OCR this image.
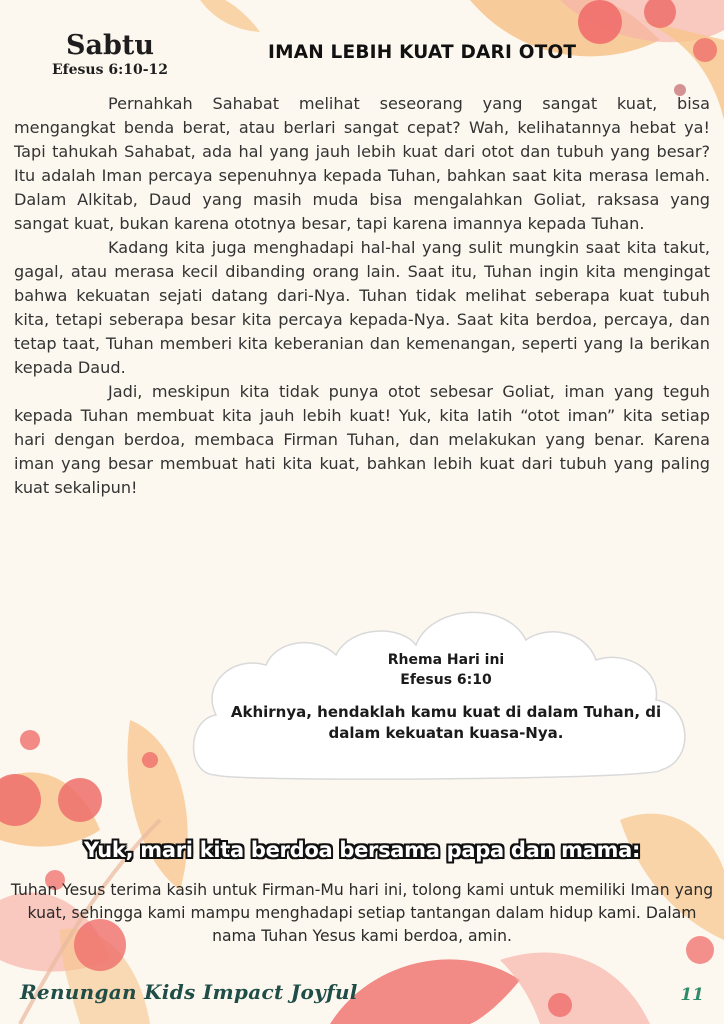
Sabtu
Efesus 6:10-12
IMAN LEBIH KUAT DARI OTOT

Pernahkah Sahabat melihat seseorang yang sangat kuat, bisa mengangkat benda berat, atau berlari sangat cepat? Wah, kelihatannya hebat ya! Tapi tahukah Sahabat, ada hal yang jauh lebih kuat dari otot dan tubuh yang besar? Itu adalah Iman percaya sepenuhnya kepada Tuhan, bahkan saat kita merasa lemah. Dalam Alkitab, Daud yang masih muda bisa mengalahkan Goliat, raksasa yang sangat kuat, bukan karena ototnya besar, tapi karena imannya kepada Tuhan.

Kadang kita juga menghadapi hal-hal yang sulit mungkin saat kita takut, gagal, atau merasa kecil dibanding orang lain. Saat itu, Tuhan ingin kita mengingat bahwa kekuatan sejati datang dari-Nya. Tuhan tidak melihat seberapa kuat tubuh kita, tetapi seberapa besar kita percaya kepada-Nya. Saat kita berdoa, percaya, dan tetap taat, Tuhan memberi kita keberanian dan kemenangan, seperti yang Ia berikan kepada Daud.

Jadi, meskipun kita tidak punya otot sebesar Goliat, iman yang teguh kepada Tuhan membuat kita jauh lebih kuat! Yuk, kita latih “otot iman” kita setiap hari dengan berdoa, membaca Firman Tuhan, dan melakukan yang benar. Karena iman yang besar membuat hati kita kuat, bahkan lebih kuat dari tubuh yang paling kuat sekalipun!

Rhema Hari ini
Efesus 6:10
Akhirnya, hendaklah kamu kuat di dalam Tuhan, di dalam kekuatan kuasa-Nya.
Yuk, mari kita berdoa bersama papa dan mama:
Tuhan Yesus terima kasih untuk Firman-Mu hari ini, tolong kami untuk memiliki Iman yang kuat, sehingga kami mampu menghadapi setiap tantangan dalam hidup kami. Dalam nama Tuhan Yesus kami berdoa, amin.
Renungan Kids Impact Joyful	11
